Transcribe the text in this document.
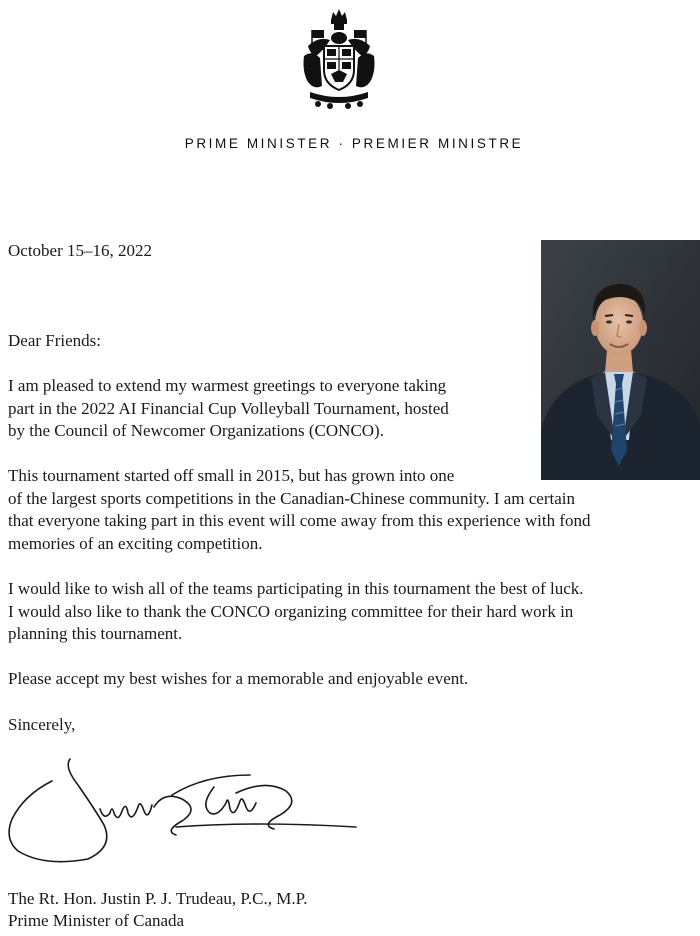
PRIME MINISTER · PREMIER MINISTRE
October 15–16, 2022
Dear Friends:
I am pleased to extend my warmest greetings to everyone taking
part in the 2022 AI Financial Cup Volleyball Tournament, hosted
by the Council of Newcomer Organizations (CONCO).
This tournament started off small in 2015, but has grown into one
of the largest sports competitions in the Canadian-Chinese community. I am certain
that everyone taking part in this event will come away from this experience with fond
memories of an exciting competition.
I would like to wish all of the teams participating in this tournament the best of luck.
I would also like to thank the CONCO organizing committee for their hard work in
planning this tournament.
Please accept my best wishes for a memorable and enjoyable event.
Sincerely,
The Rt. Hon. Justin P. J. Trudeau, P.C., M.P.
Prime Minister of Canada
